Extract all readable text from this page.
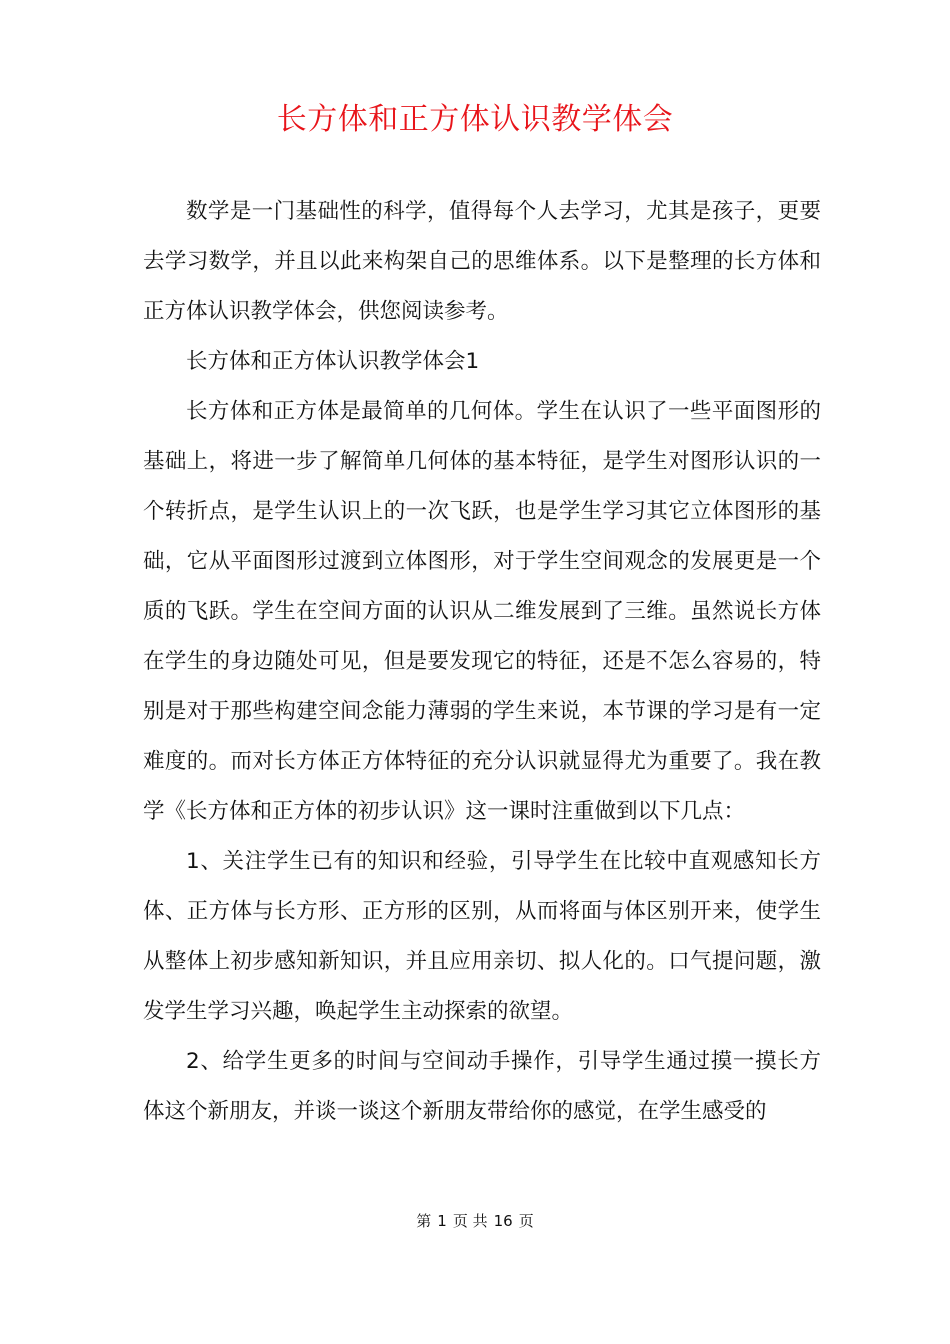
长方体和正方体认识教学体会

数学是一门基础性的科学，值得每个人去学习，尤其是孩子，更要去学习数学，并且以此来构架自己的思维体系。以下是整理的长方体和正方体认识教学体会，供您阅读参考。

长方体和正方体认识教学体会1

长方体和正方体是最简单的几何体。学生在认识了一些平面图形的基础上，将进一步了解简单几何体的基本特征，是学生对图形认识的一个转折点，是学生认识上的一次飞跃，也是学生学习其它立体图形的基础，它从平面图形过渡到立体图形，对于学生空间观念的发展更是一个质的飞跃。学生在空间方面的认识从二维发展到了三维。虽然说长方体在学生的身边随处可见，但是要发现它的特征，还是不怎么容易的，特别是对于那些构建空间念能力薄弱的学生来说，本节课的学习是有一定难度的。而对长方体正方体特征的充分认识就显得尤为重要了。我在教学《长方体和正方体的初步认识》这一课时注重做到以下几点：

1、关注学生已有的知识和经验，引导学生在比较中直观感知长方体、正方体与长方形、正方形的区别，从而将面与体区别开来，使学生从整体上初步感知新知识，并且应用亲切、拟人化的。口气提问题，激发学生学习兴趣，唤起学生主动探索的欲望。

2、给学生更多的时间与空间动手操作，引导学生通过摸一摸长方体这个新朋友，并谈一谈这个新朋友带给你的感觉，在学生感受的

第 1 页 共 16 页
